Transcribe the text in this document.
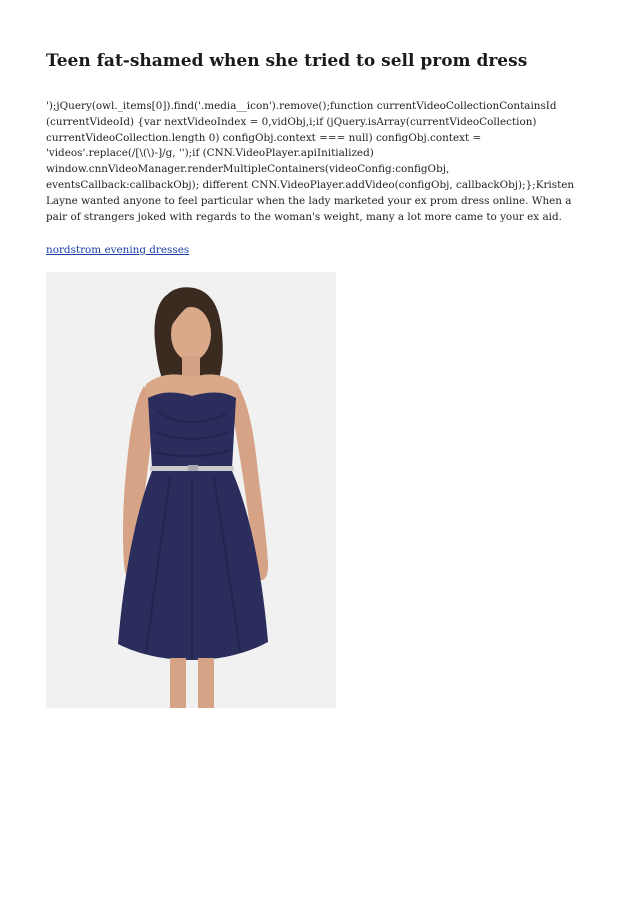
Teen fat-shamed when she tried to sell prom dress

');jQuery(owl._items[0]).find('.media__icon').remove();function currentVideoCollectionContainsId
(currentVideoId) {var nextVideoIndex = 0,vidObj,i;if (jQuery.isArray(currentVideoCollection)
currentVideoCollection.length 0) configObj.context === null) configObj.context =
'videos'.replace(/[\(\)-]/g, '');if (CNN.VideoPlayer.apiInitialized)
window.cnnVideoManager.renderMultipleContainers(videoConfig:configObj,
eventsCallback:callbackObj); different CNN.VideoPlayer.addVideo(configObj, callbackObj);};Kristen
Layne wanted anyone to feel particular when the lady marketed your ex prom dress online. When a
pair of strangers joked with regards to the woman's weight, many a lot more came to your ex aid.

nordstrom evening dresses
